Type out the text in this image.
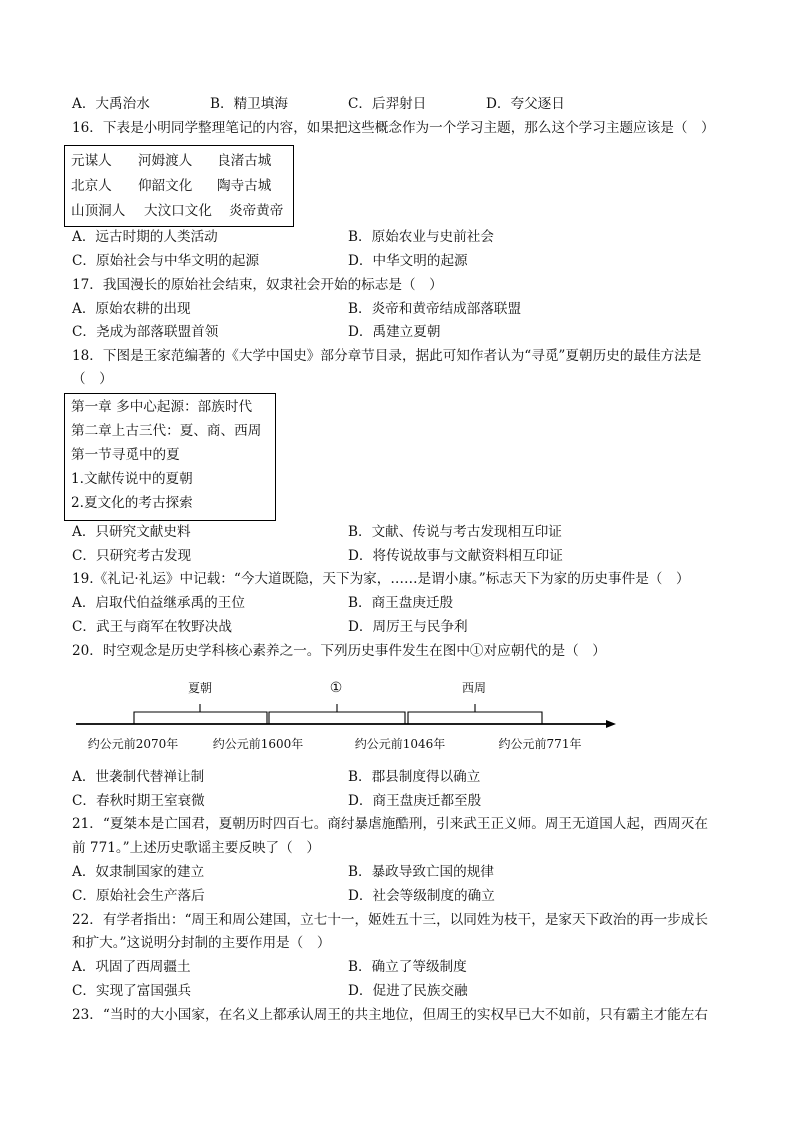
A．大禹治水	B．精卫填海	C．后羿射日	D．夸父逐日
16．下表是小明同学整理笔记的内容，如果把这些概念作为一个学习主题，那么这个学习主题应该是（　）
元谋人 河姆渡人 良渚古城
北京人 仰韶文化 陶寺古城
山顶洞人 大汶口文化 炎帝黄帝
A．远古时期的人类活动	B．原始农业与史前社会
C．原始社会与中华文明的起源	D．中华文明的起源
17．我国漫长的原始社会结束，奴隶社会开始的标志是（　）
A．原始农耕的出现	B．炎帝和黄帝结成部落联盟
C．尧成为部落联盟首领	D．禹建立夏朝
18．下图是王家范编著的《大学中国史》部分章节目录，据此可知作者认为“寻觅”夏朝历史的最佳方法是
（　）
第一章 多中心起源：部族时代
第二章上古三代：夏、商、西周
第一节寻觅中的夏
1.文献传说中的夏朝
2.夏文化的考古探索
A．只研究文献史料	B．文献、传说与考古发现相互印证
C．只研究考古发现	D．将传说故事与文献资料相互印证
19.《礼记·礼运》中记载：“今大道既隐，天下为家，……是谓小康。”标志天下为家的历史事件是（　）
A．启取代伯益继承禹的王位	B．商王盘庚迁殷
C．武王与商军在牧野决战	D．周厉王与民争利
20．时空观念是历史学科核心素养之一。下列历史事件发生在图中①对应朝代的是（　）
夏朝	①	西周
约公元前2070年	约公元前1600年	约公元前1046年	约公元前771年
A．世袭制代替禅让制	B．郡县制度得以确立
C．春秋时期王室衰微	D．商王盘庚迁都至殷
21．“夏桀本是亡国君，夏朝历时四百七。商纣暴虐施酷刑，引来武王正义师。周王无道国人起，西周灭在
前 771。”上述历史歌谣主要反映了（　）
A．奴隶制国家的建立	B．暴政导致亡国的规律
C．原始社会生产落后	D．社会等级制度的确立
22．有学者指出：“周王和周公建国，立七十一，姬姓五十三，以同姓为枝干，是家天下政治的再一步成长
和扩大。”这说明分封制的主要作用是（　）
A．巩固了西周疆土	B．确立了等级制度
C．实现了富国强兵	D．促进了民族交融
23．“当时的大小国家，在名义上都承认周王的共主地位，但周王的实权早已大不如前，只有霸主才能左右
